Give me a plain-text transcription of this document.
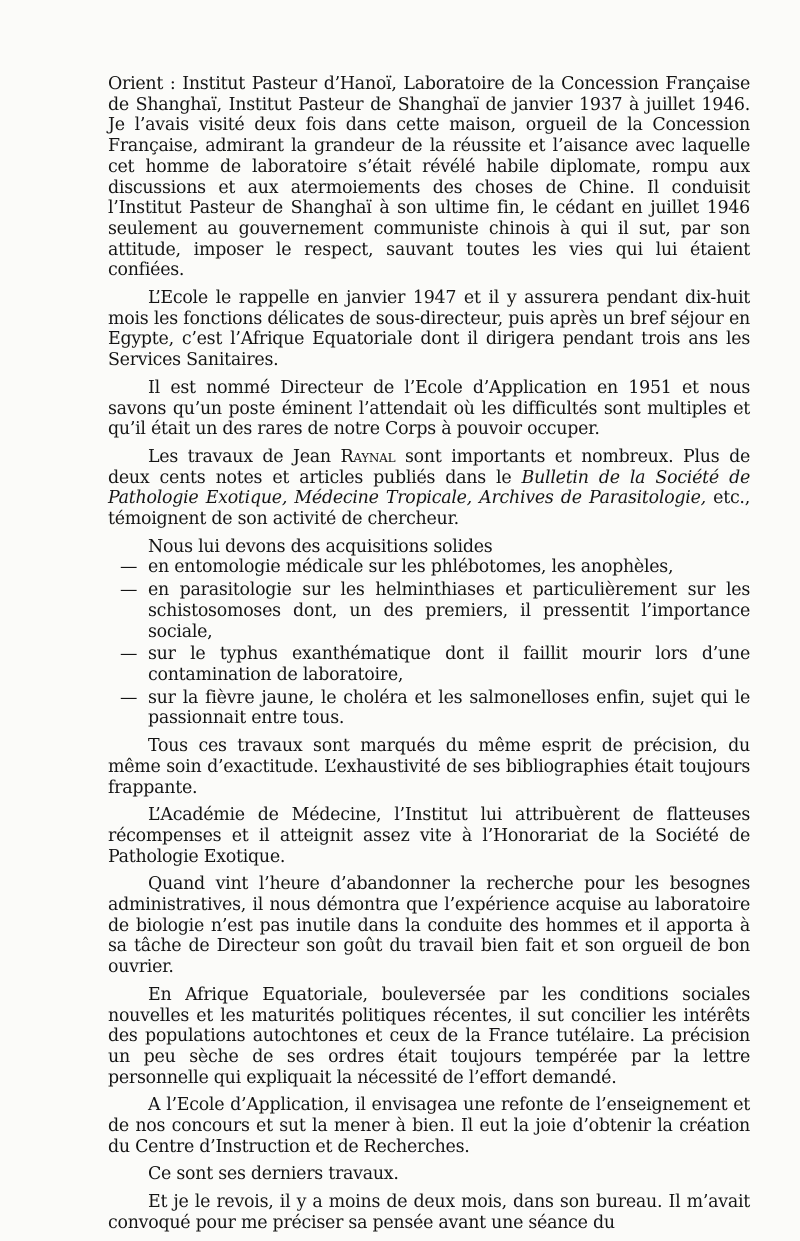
Orient : Institut Pasteur d’Hanoï, Laboratoire de la Concession Française de Shanghaï, Institut Pasteur de Shanghaï de janvier 1937 à juillet 1946. Je l’avais visité deux fois dans cette maison, orgueil de la Concession Française, admirant la grandeur de la réussite et l’aisance avec laquelle cet homme de laboratoire s’était révélé habile diplomate, rompu aux discussions et aux atermoiements des choses de Chine. Il conduisit l’Institut Pasteur de Shanghaï à son ultime fin, le cédant en juillet 1946 seulement au gouvernement communiste chinois à qui il sut, par son attitude, imposer le respect, sauvant toutes les vies qui lui étaient confiées.

L’Ecole le rappelle en janvier 1947 et il y assurera pendant dix-huit mois les fonctions délicates de sous-directeur, puis après un bref séjour en Egypte, c’est l’Afrique Equatoriale dont il dirigera pendant trois ans les Services Sanitaires.

Il est nommé Directeur de l’Ecole d’Application en 1951 et nous savons qu’un poste éminent l’attendait où les difficultés sont multiples et qu’il était un des rares de notre Corps à pouvoir occuper.

Les travaux de Jean Raynal sont importants et nombreux. Plus de deux cents notes et articles publiés dans le Bulletin de la Société de Pathologie Exotique, Médecine Tropicale, Archives de Parasitologie, etc., témoignent de son activité de chercheur.

Nous lui devons des acquisitions solides
— en entomologie médicale sur les phlébotomes, les anophèles,
— en parasitologie sur les helminthiases et particulièrement sur les schistosomoses dont, un des premiers, il pressentit l’importance sociale,
— sur le typhus exanthématique dont il faillit mourir lors d’une contamination de laboratoire,
— sur la fièvre jaune, le choléra et les salmonelloses enfin, sujet qui le passionnait entre tous.

Tous ces travaux sont marqués du même esprit de précision, du même soin d’exactitude. L’exhaustivité de ses bibliographies était toujours frappante.

L’Académie de Médecine, l’Institut lui attribuèrent de flatteuses récompenses et il atteignit assez vite à l’Honorariat de la Société de Pathologie Exotique.

Quand vint l’heure d’abandonner la recherche pour les besognes administratives, il nous démontra que l’expérience acquise au laboratoire de biologie n’est pas inutile dans la conduite des hommes et il apporta à sa tâche de Directeur son goût du travail bien fait et son orgueil de bon ouvrier.

En Afrique Equatoriale, bouleversée par les conditions sociales nouvelles et les maturités politiques récentes, il sut concilier les intérêts des populations autochtones et ceux de la France tutélaire. La précision un peu sèche de ses ordres était toujours tempérée par la lettre personnelle qui expliquait la nécessité de l’effort demandé.

A l’Ecole d’Application, il envisagea une refonte de l’enseignement et de nos concours et sut la mener à bien. Il eut la joie d’obtenir la création du Centre d’Instruction et de Recherches.

Ce sont ses derniers travaux.

Et je le revois, il y a moins de deux mois, dans son bureau. Il m’avait convoqué pour me préciser sa pensée avant une séance du
